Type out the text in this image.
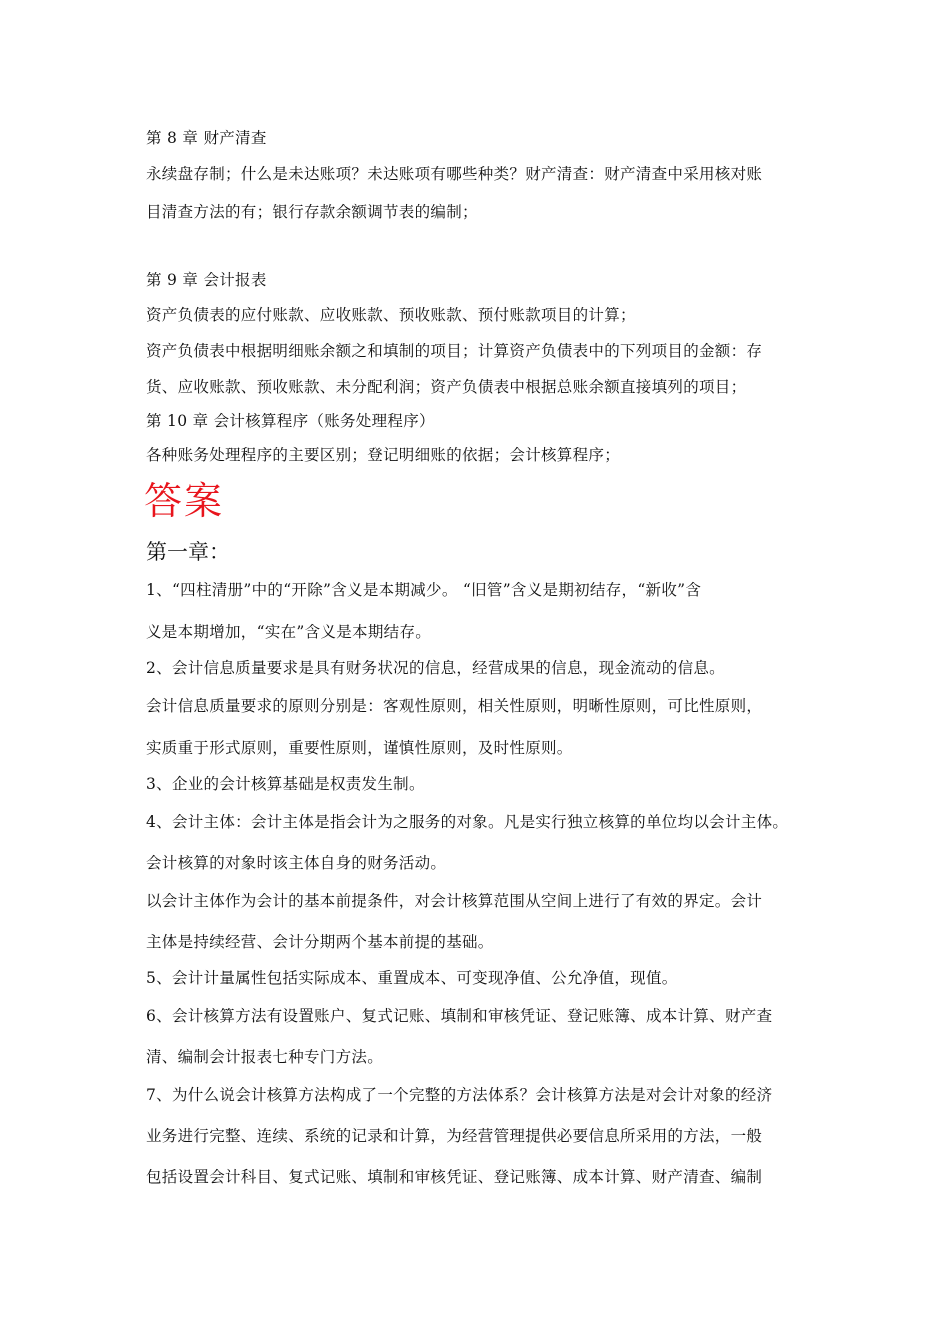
第 8 章 财产清查
永续盘存制；什么是未达账项？未达账项有哪些种类？财产清查：财产清查中采用核对账
目清查方法的有；银行存款余额调节表的编制；
第 9 章 会计报表
资产负债表的应付账款、应收账款、预收账款、预付账款项目的计算；
资产负债表中根据明细账余额之和填制的项目；计算资产负债表中的下列项目的金额：存
货、应收账款、预收账款、未分配利润；资产负债表中根据总账余额直接填列的项目；
第 10 章 会计核算程序（账务处理程序）
各种账务处理程序的主要区别；登记明细账的依据；会计核算程序；
答案
第一章：
1、“四柱清册”中的“开除”含义是本期减少。 “旧管”含义是期初结存，“新收”含
义是本期增加，“实在”含义是本期结存。
2、会计信息质量要求是具有财务状况的信息，经营成果的信息，现金流动的信息。
会计信息质量要求的原则分别是：客观性原则，相关性原则，明晰性原则，可比性原则，
实质重于形式原则，重要性原则，谨慎性原则，及时性原则。
3、企业的会计核算基础是权责发生制。
4、会计主体：会计主体是指会计为之服务的对象。凡是实行独立核算的单位均以会计主体。
会计核算的对象时该主体自身的财务活动。
以会计主体作为会计的基本前提条件，对会计核算范围从空间上进行了有效的界定。会计
主体是持续经营、会计分期两个基本前提的基础。
5、会计计量属性包括实际成本、重置成本、可变现净值、公允净值，现值。
6、会计核算方法有设置账户、复式记账、填制和审核凭证、登记账簿、成本计算、财产查
清、编制会计报表七种专门方法。
7、为什么说会计核算方法构成了一个完整的方法体系？会计核算方法是对会计对象的经济
业务进行完整、连续、系统的记录和计算，为经营管理提供必要信息所采用的方法，一般
包括设置会计科目、复式记账、填制和审核凭证、登记账簿、成本计算、财产清查、编制
